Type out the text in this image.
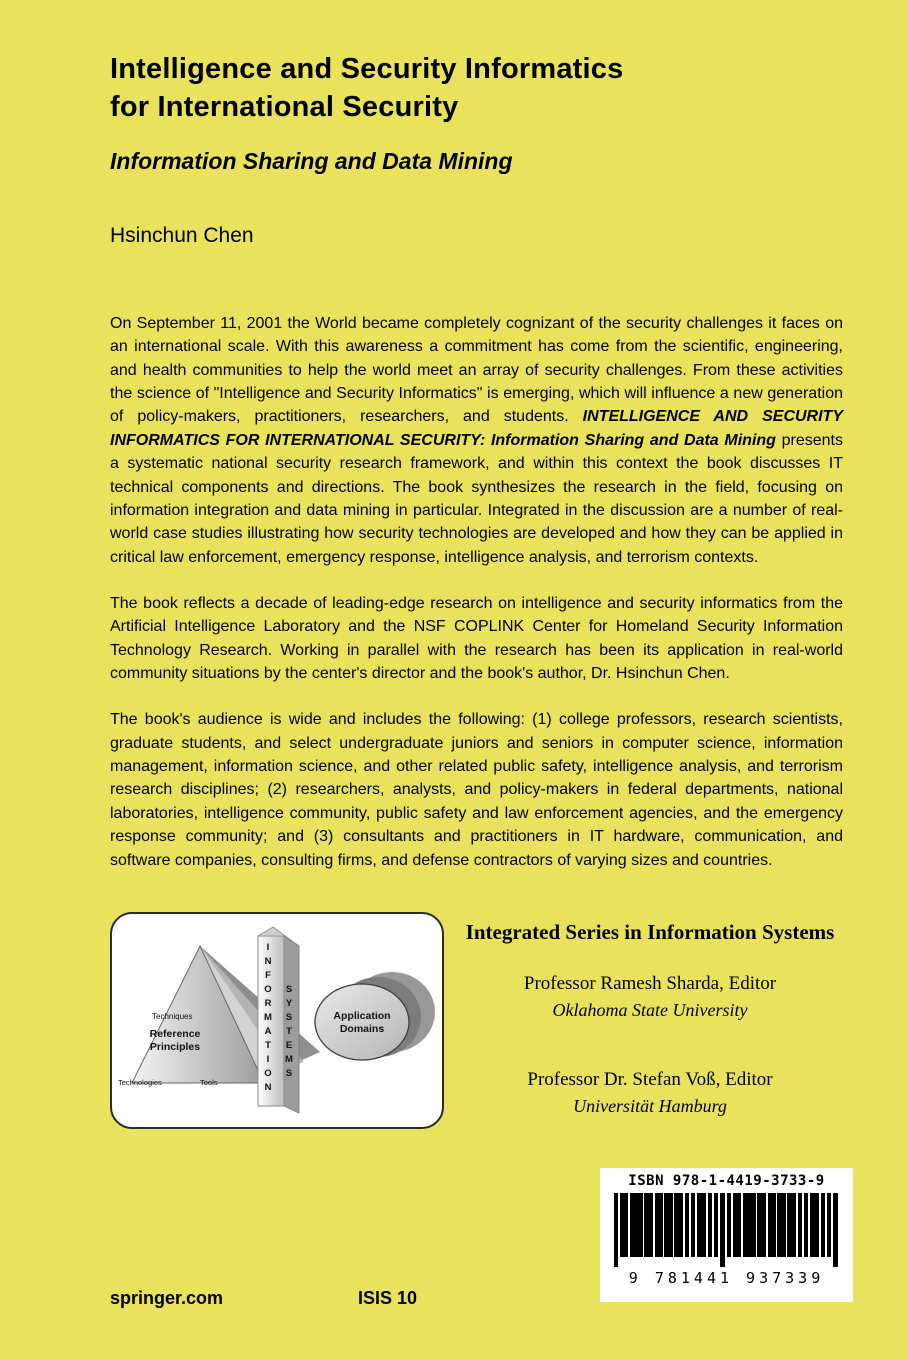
Intelligence and Security Informatics
for International Security
Information Sharing and Data Mining
Hsinchun Chen

On September 11, 2001 the World became completely cognizant of the security challenges it faces on an international scale. With this awareness a commitment has come from the scientific, engineering, and health communities to help the world meet an array of security challenges. From these activities the science of "Intelligence and Security Informatics" is emerging, which will influence a new generation of policy-makers, practitioners, researchers, and students. INTELLIGENCE AND SECURITY INFORMATICS FOR INTERNATIONAL SECURITY: Information Sharing and Data Mining presents a systematic national security research framework, and within this context the book discusses IT technical components and directions. The book synthesizes the research in the field, focusing on information integration and data mining in particular. Integrated in the discussion are a number of real-world case studies illustrating how security technologies are developed and how they can be applied in critical law enforcement, emergency response, intelligence analysis, and terrorism contexts.

The book reflects a decade of leading-edge research on intelligence and security informatics from the Artificial Intelligence Laboratory and the NSF COPLINK Center for Homeland Security Information Technology Research. Working in parallel with the research has been its application in real-world community situations by the center's director and the book's author, Dr. Hsinchun Chen.

The book's audience is wide and includes the following: (1) college professors, research scientists, graduate students, and select undergraduate juniors and seniors in computer science, information management, information science, and other related public safety, intelligence analysis, and terrorism research disciplines; (2) researchers, analysts, and policy-makers in federal departments, national laboratories, intelligence community, public safety and law enforcement agencies, and the emergency response community; and (3) consultants and practitioners in IT hardware, communication, and software companies, consulting firms, and defense contractors of varying sizes and countries.

Techniques
Reference Principles
Technologies	Tools	INFORMATION SYSTEMS	Application Domains
Integrated Series in Information Systems
Professor Ramesh Sharda, Editor
Oklahoma State University
Professor Dr. Stefan Voß, Editor
Universität Hamburg
ISBN 978-1-4419-3733-9
9 781441 937339
springer.com	ISIS 10
